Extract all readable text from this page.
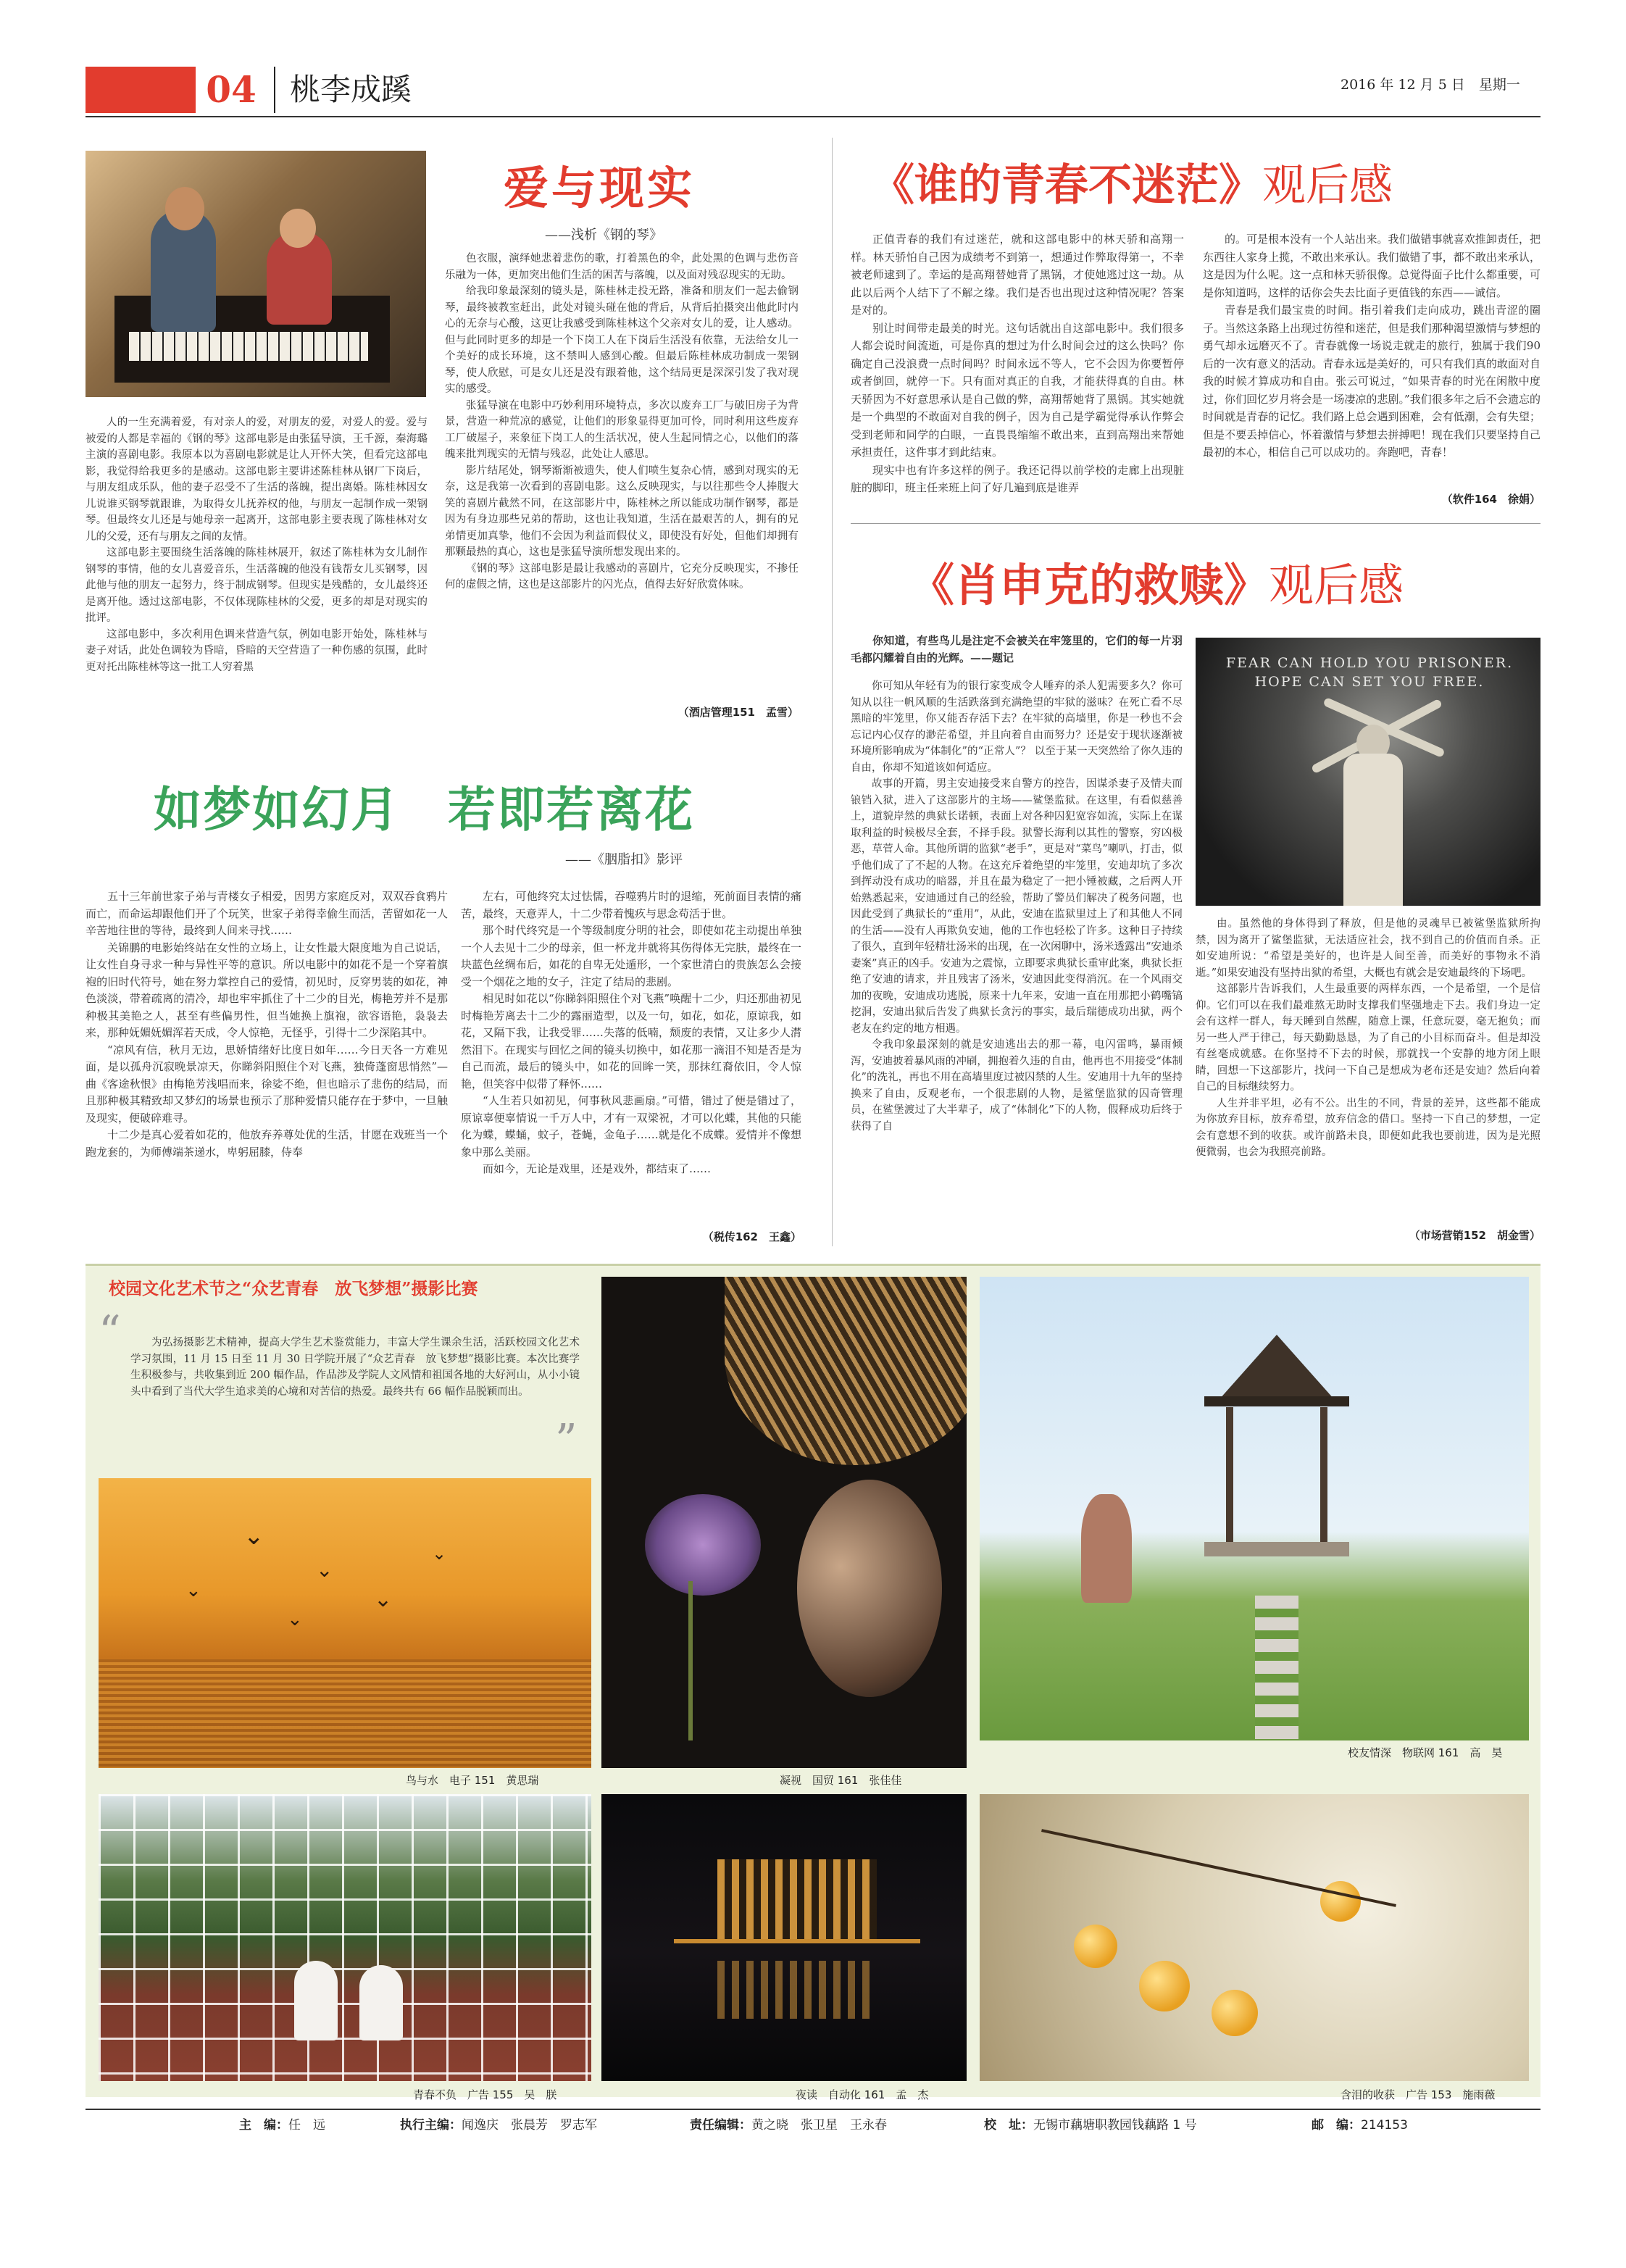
04	桃李成蹊	2016 年 12 月 5 日　星期一
爱与现实
——浅析《钢的琴》

人的一生充满着爱，有对亲人的爱，对朋友的爱，对爱人的爱。爱与被爱的人都是幸福的《钢的琴》这部电影是由张猛导演，王千源，秦海璐主演的喜剧电影。我原本以为喜剧电影就是让人开怀大笑，但看完这部电影，我觉得给我更多的是感动。这部电影主要讲述陈桂林从钢厂下岗后，与朋友组成乐队，他的妻子忍受不了生活的落魄，提出离婚。陈桂林因女儿说谁买钢琴就跟谁，为取得女儿抚养权的他，与朋友一起制作成一架钢琴。但最终女儿还是与她母亲一起离开，这部电影主要表现了陈桂林对女儿的父爱，还有与朋友之间的友情。

这部电影主要围绕生活落魄的陈桂林展开，叙述了陈桂林为女儿制作钢琴的事情，他的女儿喜爱音乐，生活落魄的他没有钱帮女儿买钢琴，因此他与他的朋友一起努力，终于制成钢琴。但现实是残酷的，女儿最终还是离开他。透过这部电影，不仅体现陈桂林的父爱，更多的却是对现实的批评。

这部电影中，多次利用色调来营造气氛，例如电影开始处，陈桂林与妻子对话，此处色调较为昏暗，昏暗的天空营造了一种伤感的氛围，此时更对托出陈桂林等这一批工人穷着黑

色衣服，演绎她悲着悲伤的歌，打着黑色的伞，此处黑的色调与悲伤音乐融为一体，更加突出他们生活的困苦与落魄，以及面对残忍现实的无助。

给我印象最深刻的镜头是，陈桂林走投无路，准备和朋友们一起去偷钢琴，最终被教室赶出，此处对镜头碰在他的背后，从背后拍摄突出他此时内心的无奈与心酸，这更让我感受到陈桂林这个父亲对女儿的爱，让人感动。但与此同时更多的却是一个下岗工人在下岗后生活没有依靠，无法给女儿一个美好的成长环境，这不禁叫人感到心酸。但最后陈桂林成功制成一架钢琴，使人欣慰，可是女儿还是没有跟着他，这个结局更是深深引发了我对现实的感受。

张猛导演在电影中巧妙利用环境特点，多次以废弃工厂与破旧房子为背景，营造一种荒凉的感觉，让他们的形象显得更加可怜，同时利用这些废弃工厂破屋子，来象征下岗工人的生活状况，使人生起同情之心，以他们的落魄来批判现实的无情与残忍，此处让人感思。

影片结尾处，钢琴渐渐被遗失，使人们喷生复杂心情，感到对现实的无奈，这是我第一次看到的喜剧电影。这么反映现实，与以往那些令人捧腹大笑的喜剧片截然不同，在这部影片中，陈桂林之所以能成功制作钢琴，都是因为有身边那些兄弟的帮助，这也让我知道，生活在最艰苦的人，拥有的兄弟情更加真挚，他们不会因为利益而假仗义，即使没有好处，但他们却拥有那颗最热的真心，这也是张猛导演所想发现出来的。

《钢的琴》这部电影是最让我感动的喜剧片，它充分反映现实，不掺任何的虚假之情，这也是这部影片的闪光点，值得去好好欣赏体味。

（酒店管理151　孟雪）
《谁的青春不迷茫》观后感

正值青春的我们有过迷茫，就和这部电影中的林天骄和高翔一样。林天骄怕自己因为成绩考不到第一，想通过作弊取得第一，不幸被老师逮到了。幸运的是高翔替她背了黑锅，才使她逃过这一劫。从此以后两个人结下了不解之缘。我们是否也出现过这种情况呢？答案是对的。

别让时间带走最美的时光。这句话就出自这部电影中。我们很多人都会说时间流逝，可是你真的想过为什么时间会过的这么快吗？你确定自己没浪费一点时间吗？时间永远不等人，它不会因为你要暂停或者倒回，就停一下。只有面对真正的自我，才能获得真的自由。林天骄因为不好意思承认是自己做的弊，高翔帮她背了黑锅。其实她就是一个典型的不敢面对自我的例子，因为自己是学霸觉得承认作弊会受到老师和同学的白眼，一直畏畏缩缩不敢出来，直到高翔出来帮她承担责任，这件事才到此结束。

现实中也有许多这样的例子。我还记得以前学校的走廊上出现脏脏的脚印，班主任来班上问了好几遍到底是谁弄

的。可是根本没有一个人站出来。我们做错事就喜欢推卸责任，把东西往人家身上揽，不敢出来承认。我们做错了事，都不敢出来承认，这是因为什么呢。这一点和林天骄很像。总觉得面子比什么都重要，可是你知道吗，这样的话你会失去比面子更值钱的东西——诚信。

青春是我们最宝贵的时间。指引着我们走向成功，跳出青涩的圈子。当然这条路上出现过彷徨和迷茫，但是我们那种渴望激情与梦想的勇气却永远磨灭不了。青春就像一场说走就走的旅行，独属于我们90后的一次有意义的活动。青春永远是美好的，可只有我们真的敢面对自我的时候才算成功和自由。张云可说过，“如果青春的时光在闲散中度过，你们回忆岁月将会是一场凄凉的悲剧。”我们很多年之后不会遗忘的时间就是青春的记忆。我们路上总会遇到困难，会有低潮，会有失望；但是不要丢掉信心，怀着激情与梦想去拼搏吧！现在我们只要坚持自己最初的本心，相信自己可以成功的。奔跑吧，青春！

（软件164　徐娟）
《肖申克的救赎》观后感
你知道，有些鸟儿是注定不会被关在牢笼里的，它们的每一片羽毛都闪耀着自由的光辉。——题记	FEAR CAN HOLD YOU PRISONER.
HOPE CAN SET YOU FREE.

你可知从年轻有为的银行家变成令人唾弃的杀人犯需要多久？你可知从以往一帆风顺的生活跌落到充满绝望的牢狱的滋味？在死亡看不尽黑暗的牢笼里，你又能否存活下去？在牢狱的高墙里，你是一秒也不会忘记内心仅存的渺茫希望，并且向着自由而努力？还是安于现状逐渐被环境所影响成为“体制化”的“正常人”？ 以至于某一天突然给了你久违的自由，你却不知道该如何适应。

故事的开篇，男主安迪接受来自警方的控告，因谋杀妻子及情夫而锒铛入狱，进入了这部影片的主场——鲨堡监狱。在这里，有看似慈善上，道貌岸然的典狱长诺顿，表面上对各种囚犯宽容如流，实际上在谋取利益的时候极尽全套，不择手段。狱警长海利以其性的警察，穷凶极恶，草菅人命。其他所谓的监狱“老手”，更是对“菜鸟”喇叭，打击，似乎他们成了了不起的人物。在这充斥着绝望的牢笼里，安迪却坑了多次到挥动没有成功的暗器，并且在最为稳定了一把小锤被藏，之后两人开始熟悉起来，安迪通过自己的经验，帮助了警员们解决了税务问题，也因此受到了典狱长的“重用”，从此，安迪在监狱里过上了和其他人不同的生活——没有人再欺负安迪，他的工作也轻松了许多。这种日子持续了很久，直到年轻精壮汤米的出现，在一次闲聊中，汤米透露出“安迪杀妻案”真正的凶手。安迪为之震惊，立即要求典狱长重审此案，典狱长拒绝了安迪的请求，并且残害了汤米，安迪因此变得消沉。在一个风雨交加的夜晚，安迪成功逃脱，原来十九年来，安迪一直在用那把小鹤嘴镐挖洞，安迪出狱后告发了典狱长贪污的事实，最后瑞德成功出狱，两个老友在约定的地方相遇。

令我印象最深刻的就是安迪逃出去的那一幕，电闪雷鸣，暴雨倾泻，安迪披着暴风雨的冲刷，拥抱着久违的自由，他再也不用接受“体制化”的洗礼，再也不用在高墙里度过被囚禁的人生。安迪用十九年的坚持换来了自由，反观老布，一个很悲剧的人物，是鲨堡监狱的囚奇管理员，在鲨堡渡过了大半辈子，成了“体制化”下的人物，假释成功后终于获得了自

由。虽然他的身体得到了释放，但是他的灵魂早已被鲨堡监狱所拘禁，因为离开了鲨堡监狱，无法适应社会，找不到自己的价值而自杀。正如安迪所说：“希望是美好的，也许是人间至善，而美好的事物永不消逝。”如果安迪没有坚持出狱的希望，大概也有就会是安迪最终的下场吧。

这部影片告诉我们，人生最重要的两样东西，一个是希望，一个是信仰。它们可以在我们最难熬无助时支撑我们坚强地走下去。我们身边一定会有这样一群人，每天睡到自然醒，随意上课，任意玩耍，毫无抱负；而另一些人严于律己，每天勤勤恳恳，为了自己的小目标而奋斗。但是却没有丝毫成就感。在你坚持不下去的时候，那就找一个安静的地方闭上眼睛，回想一下这部影片，找问一下自己是想成为老布还是安迪？然后向着自己的目标继续努力。

人生并非平坦，必有不公。出生的不同，背景的差异，这些都不能成为你放弃目标，放弃希望，放弃信念的借口。坚持一下自己的梦想，一定会有意想不到的收获。或许前路未良，即便如此我也要前进，因为是光照便微弱，也会为我照亮前路。

（市场营销152　胡金雪）
如梦如幻月 若即若离花
——《胭脂扣》影评

五十三年前世家子弟与青楼女子相爱，因男方家庭反对，双双吞食鸦片而亡，而命运却跟他们开了个玩笑，世家子弟得幸偷生而活，苦留如花一人辛苦地往世的等待，最终到人间来寻找……

关锦鹏的电影始终站在女性的立场上，让女性最大限度地为自己说话，让女性自身寻求一种与异性平等的意识。所以电影中的如花不是一个穿着旗袍的旧时代符号，她在努力掌控自己的爱情，初见时，反穿男装的如花，神色淡淡，带着疏离的清冷，却也牢牢抓住了十二少的目光，梅艳芳并不是那种极其美艳之人，甚至有些偏男性，但当她换上旗袍，欲容语艳，袅袅去来，那种妩媚妩媚浑若天成，令人惊艳，无怪乎，引得十二少深陷其中。

“凉风有信，秋月无边，思娇情绪好比度日如年……今日天各一方难见面，是以孤舟沉寂晚景凉天，你睇斜阳照住个对飞燕，独倚蓬窗思悄然”—曲《客途秋恨》由梅艳芳浅唱而来，徐娑不绝，但也暗示了悲伤的结局，而且那种极其精致却又梦幻的场景也预示了那种爱情只能存在于梦中，一旦触及现实，便破碎难寻。

十二少是真心爱着如花的，他放弃养尊处优的生活，甘愿在戏班当一个跑龙套的，为师傅端茶递水，卑躬屈膝，侍奉

左右，可他终究太过怯懦，吞噬鸦片时的退缩，死前面目表情的痛苦，最终，天意弄人，十二少带着愧疚与思念苟活于世。

那个时代终究是一个等级制度分明的社会，即使如花主动提出单独一个人去见十二少的母亲，但一杯龙井就将其伤得体无完肤，最终在一块蓝色丝绸布后，如花的自卑无处遁形，一个家世清白的贵族怎么会接受一个烟花之地的女子，注定了结局的悲剧。

相见时如花以“你睇斜阳照住个对飞燕”唤醒十二少，归还那曲初见时梅艳芳离去十二少的露丽造型，以及一句，如花，如花，原谅我，如花，又隔下我，让我受罪……失落的低喃，颓废的表情，又让多少人潸然泪下。在现实与回忆之间的镜头切换中，如花那一滴泪不知是否是为自己而流，最后的镜头中，如花的回眸一笑，那抹红裔依旧，令人惊艳，但笑容中似带了释怀……

“人生若只如初见，何事秋风悲画扇。”可惜，错过了便是错过了，原谅辜便辜情说一千万人中，才有一双梁祝，才可以化蝶，其他的只能化为蝶，蝶蛹，蚊子，苍蝇，金龟子……就是化不成蝶。爱情并不像想象中那么美丽。

而如今，无论是戏里，还是戏外，都结束了……

（税传162　王鑫）
校园文化艺术节之“众艺青春　放飞梦想”摄影比赛
“	为弘扬摄影艺术精神，提高大学生艺术鉴赏能力，丰富大学生课余生活，活跃校园文化艺术学习氛围，11 月 15 日至 11 月 30 日学院开展了“众艺青春　放飞梦想”摄影比赛。本次比赛学生积极参与，共收集到近 200 幅作品，作品涉及学院人文风情和祖国各地的大好河山，从小小镜头中看到了当代大学生追求美的心境和对苦信的热爱。最终共有 66 幅作品脱颖而出。
”
⌄
⌄
⌄
⌄
⌄
⌄
鸟与水　电子 151　黄思瑞	凝视　国贸 161　张佳佳
校友情深　物联网 161　高　昊
青春不负　广告 155　吴　朕	夜读　自动化 161　孟　杰	含泪的收获　广告 153　施雨薇
主　编：任　远	执行主编：闻逸庆　张晨芳　罗志军	责任编辑：黄之晓　张卫星　王永春	校　址：无锡市藕塘职教园钱藕路 1 号	邮　编：214153
